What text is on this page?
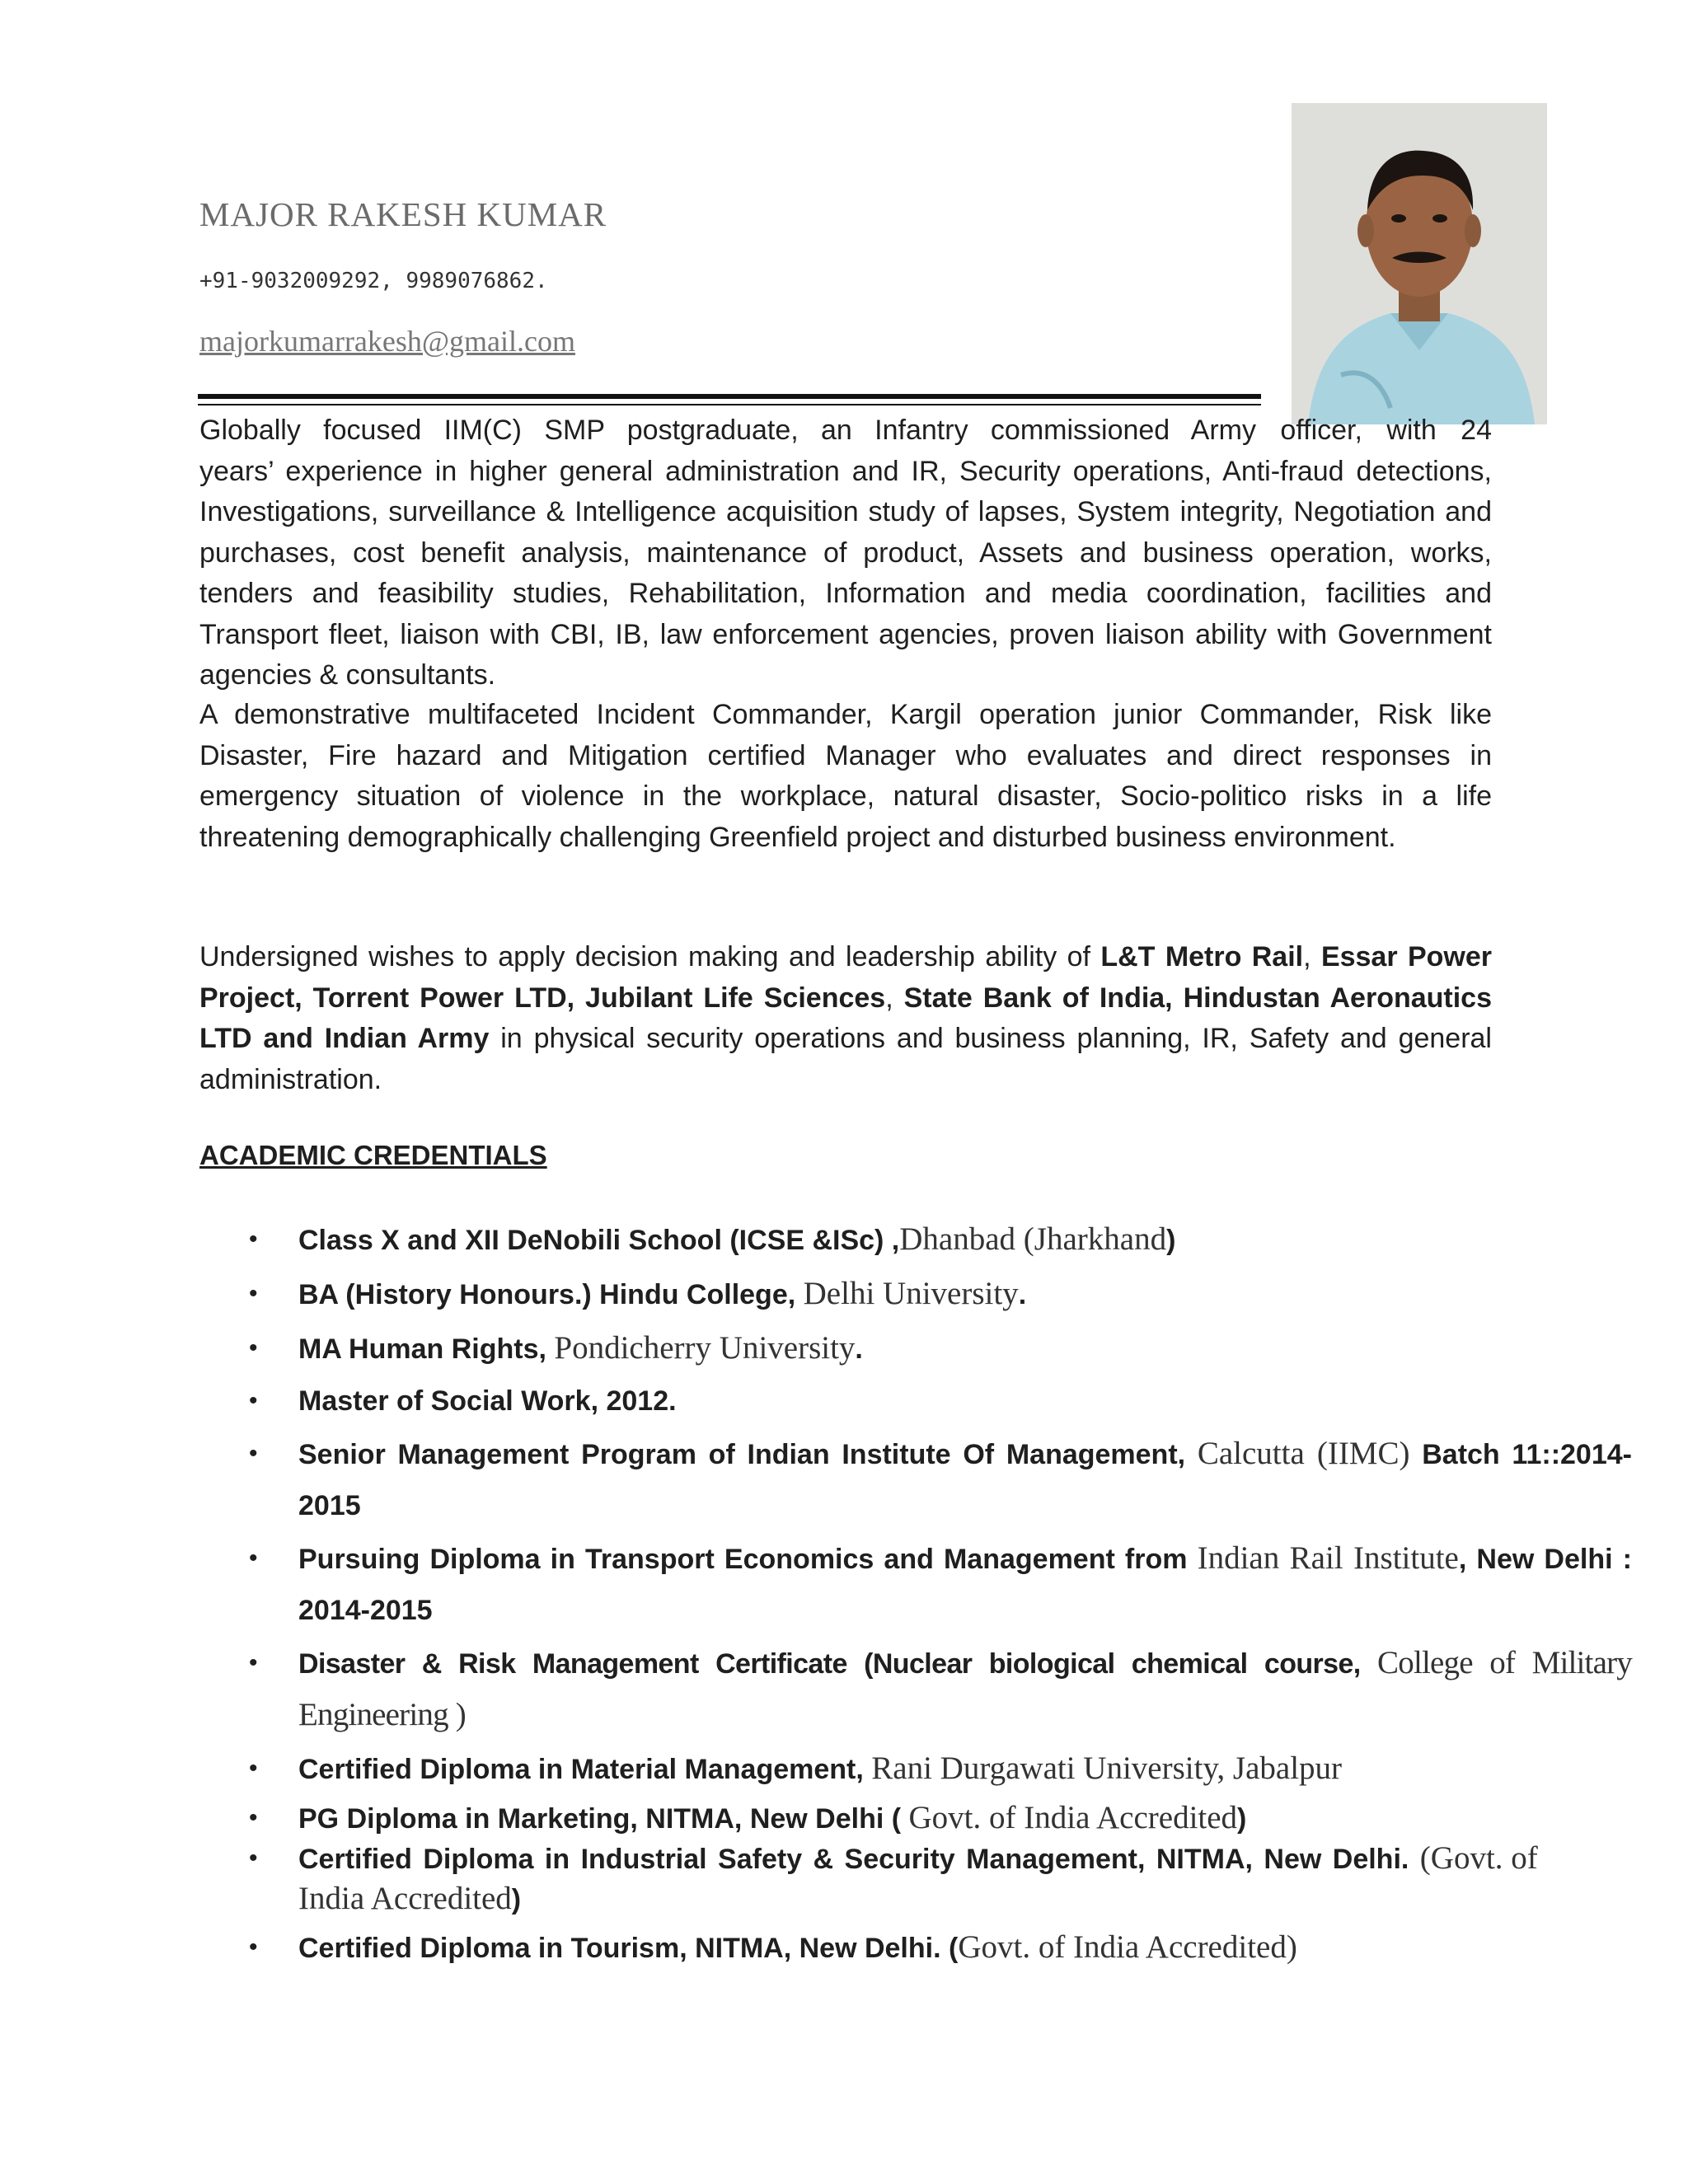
MAJOR RAKESH KUMAR
+91-9032009292, 9989076862.
majorkumarrakesh@gmail.com

Globally focused IIM(C) SMP postgraduate, an Infantry commissioned Army officer, with 24 years’ experience in higher general administration and IR, Security operations, Anti-fraud detections, Investigations, surveillance & Intelligence acquisition study of lapses, System integrity, Negotiation and purchases, cost benefit analysis, maintenance of product, Assets and business operation, works, tenders and feasibility studies, Rehabilitation, Information and media coordination, facilities and Transport fleet, liaison with CBI, IB, law enforcement agencies, proven liaison ability with Government agencies & consultants.

A demonstrative multifaceted Incident Commander, Kargil operation junior Commander, Risk like Disaster, Fire hazard and Mitigation certified Manager who evaluates and direct responses in emergency situation of violence in the workplace, natural disaster, Socio-politico risks in a life threatening demographically challenging Greenfield project and disturbed business environment.

Undersigned wishes to apply decision making and leadership ability of L&T Metro Rail, Essar Power Project, Torrent Power LTD, Jubilant Life Sciences, State Bank of India, Hindustan Aeronautics LTD and Indian Army in physical security operations and business planning, IR, Safety and general administration.

ACADEMIC CREDENTIALS
• Class X and XII DeNobili School (ICSE &ISc) ,Dhanbad (Jharkhand)
• BA (History Honours.) Hindu College, Delhi University.
• MA Human Rights, Pondicherry University.
• Master of Social Work, 2012.
• Senior Management Program of Indian Institute Of Management, Calcutta (IIMC) Batch 11::2014-2015
• Pursuing Diploma in Transport Economics and Management from Indian Rail Institute, New Delhi : 2014-2015
• Disaster & Risk Management Certificate (Nuclear biological chemical course, College of Military Engineering )
• Certified Diploma in Material Management, Rani Durgawati University, Jabalpur
• PG Diploma in Marketing, NITMA, New Delhi ( Govt. of India Accredited)
• Certified Diploma in Industrial Safety & Security Management, NITMA, New Delhi. (Govt. of India Accredited)
• Certified Diploma in Tourism, NITMA, New Delhi. (Govt. of India Accredited)
